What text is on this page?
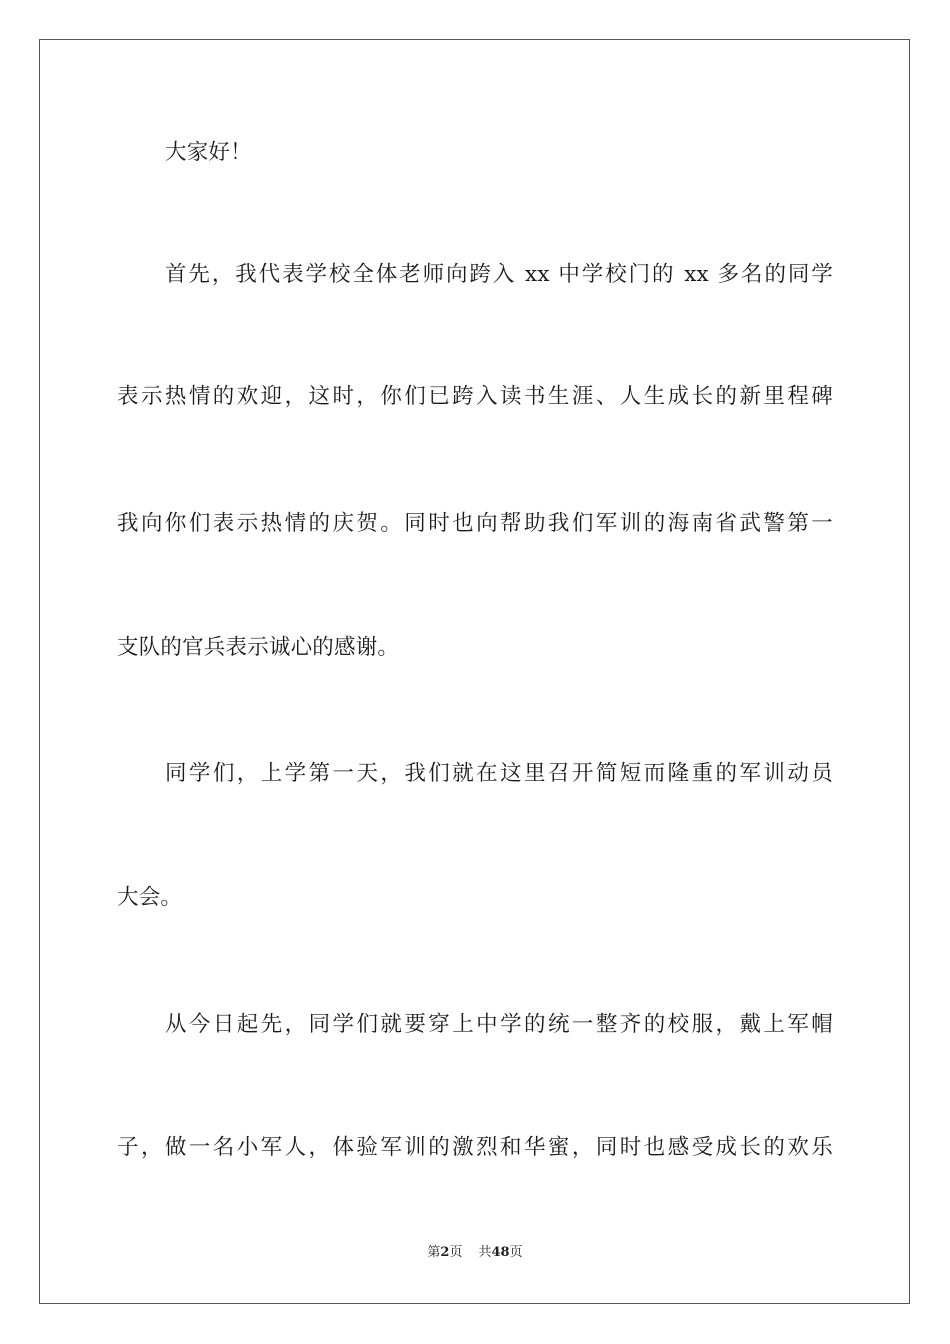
大家好！
首先，我代表学校全体老师向跨入 xx 中学校门的 xx 多名的同学
表示热情的欢迎，这时，你们已跨入读书生涯、人生成长的新里程碑
我向你们表示热情的庆贺。同时也向帮助我们军训的海南省武警第一
支队的官兵表示诚心的感谢。
同学们，上学第一天，我们就在这里召开简短而隆重的军训动员
大会。
从今日起先，同学们就要穿上中学的统一整齐的校服，戴上军帽
子，做一名小军人，体验军训的激烈和华蜜，同时也感受成长的欢乐
第2页 共48页
